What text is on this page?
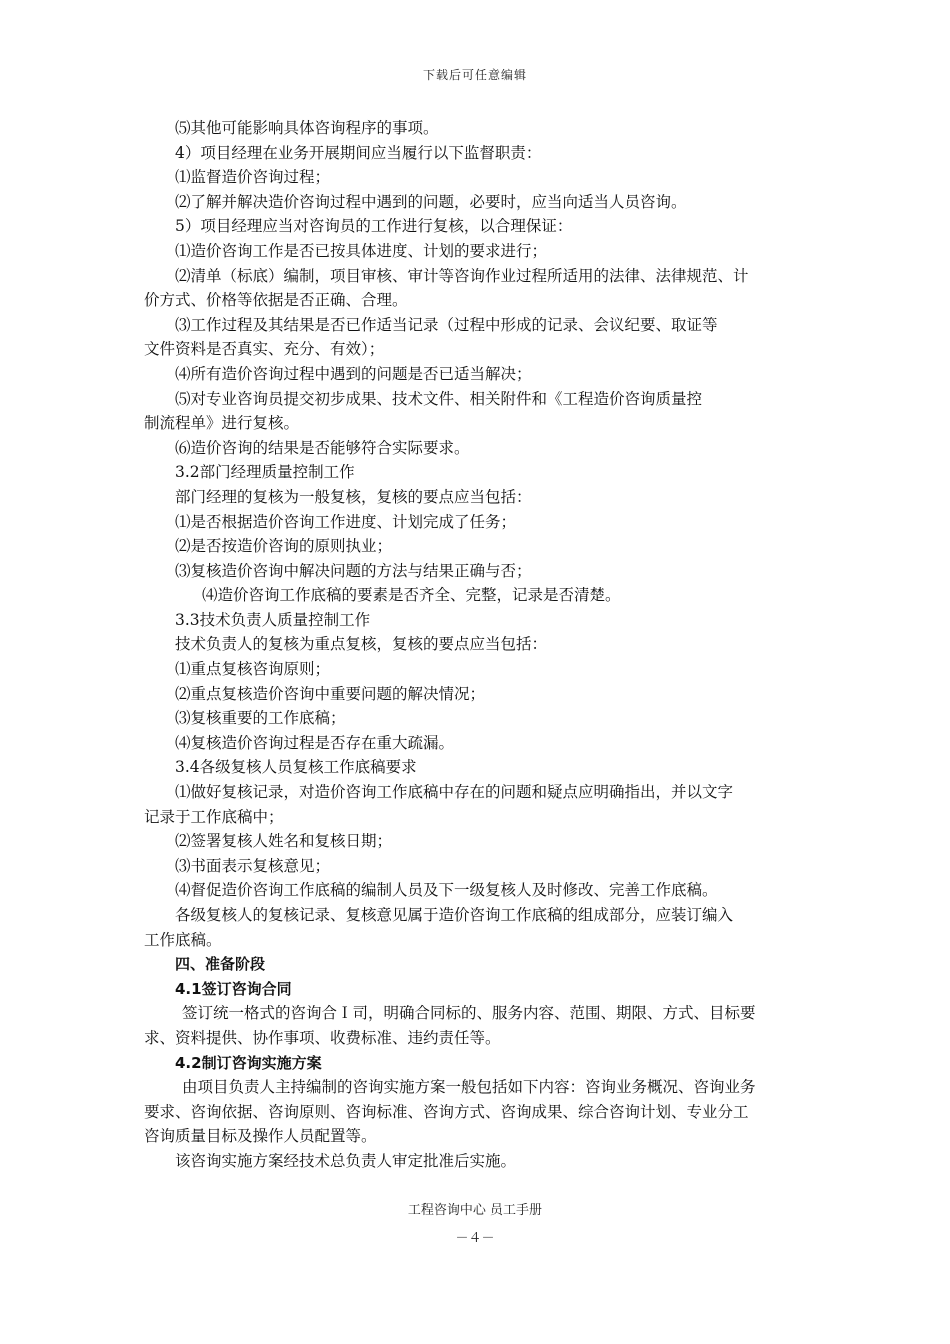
下载后可任意编辑
⑸其他可能影响具体咨询程序的事项。
4）项目经理在业务开展期间应当履行以下监督职责：
⑴监督造价咨询过程；
⑵了解并解决造价咨询过程中遇到的问题，必要时，应当向适当人员咨询。
5）项目经理应当对咨询员的工作进行复核，以合理保证：
⑴造价咨询工作是否已按具体进度、计划的要求进行；
⑵清单（标底）编制，项目审核、审计等咨询作业过程所适用的法律、法律规范、计
价方式、价格等依据是否正确、合理。
⑶工作过程及其结果是否已作适当记录（过程中形成的记录、会议纪要、取证等
文件资料是否真实、充分、有效）；
⑷所有造价咨询过程中遇到的问题是否已适当解决；
⑸对专业咨询员提交初步成果、技术文件、相关附件和《工程造价咨询质量控
制流程单》进行复核。
⑹造价咨询的结果是否能够符合实际要求。
3.2部门经理质量控制工作
部门经理的复核为一般复核，复核的要点应当包括：
⑴是否根据造价咨询工作进度、计划完成了任务；
⑵是否按造价咨询的原则执业；
⑶复核造价咨询中解决问题的方法与结果正确与否；
⑷造价咨询工作底稿的要素是否齐全、完整，记录是否清楚。
3.3技术负责人质量控制工作
技术负责人的复核为重点复核，复核的要点应当包括：
⑴重点复核咨询原则；
⑵重点复核造价咨询中重要问题的解决情况；
⑶复核重要的工作底稿；
⑷复核造价咨询过程是否存在重大疏漏。
3.4各级复核人员复核工作底稿要求
⑴做好复核记录，对造价咨询工作底稿中存在的问题和疑点应明确指出，并以文字
记录于工作底稿中；
⑵签署复核人姓名和复核日期；
⑶书面表示复核意见；
⑷督促造价咨询工作底稿的编制人员及下一级复核人及时修改、完善工作底稿。
各级复核人的复核记录、复核意见属于造价咨询工作底稿的组成部分，应装订编入
工作底稿。
四、准备阶段
4.1签订咨询合同
签订统一格式的咨询合Ｉ司，明确合同标的、服务内容、范围、期限、方式、目标要
求、资料提供、协作事项、收费标准、违约责任等。
4.2制订咨询实施方案
由项目负责人主持编制的咨询实施方案一般包括如下内容：咨询业务概况、咨询业务
要求、咨询依据、咨询原则、咨询标准、咨询方式、咨询成果、综合咨询计划、专业分工
咨询质量目标及操作人员配置等。
该咨询实施方案经技术总负责人审定批准后实施。
工程咨询中心 员工手册
－４－
